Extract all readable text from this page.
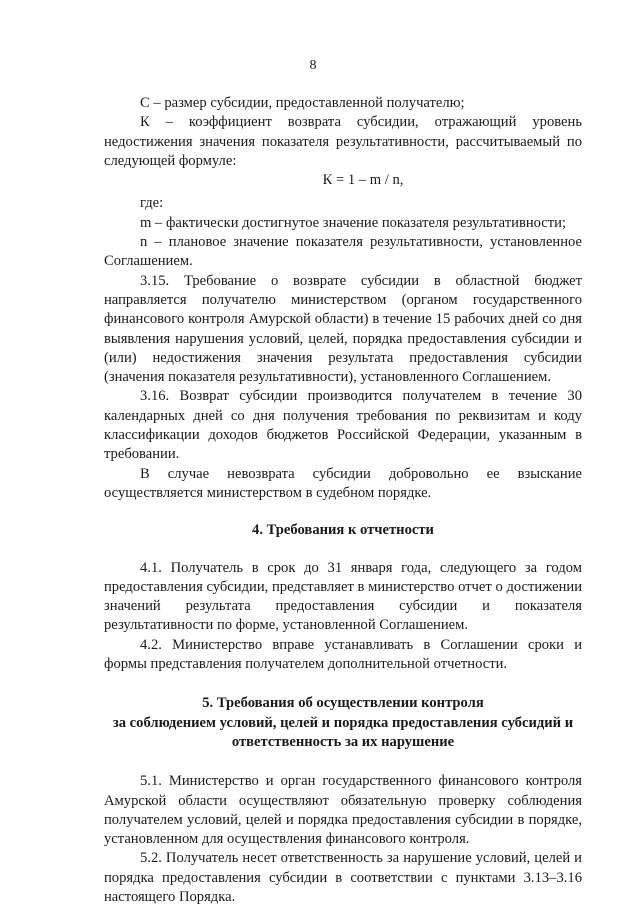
8

С – размер субсидии, предоставленной получателю;

К – коэффициент возврата субсидии, отражающий уровень недостижения значения показателя результативности, рассчитываемый по следующей формуле:

К = 1 – m / n,

где:

m – фактически достигнутое значение показателя результативности;

n – плановое значение показателя результативности, установленное Соглашением.

3.15. Требование о возврате субсидии в областной бюджет направляется получателю министерством (органом государственного финансового контроля Амурской области) в течение 15 рабочих дней со дня выявления нарушения условий, целей, порядка предоставления субсидии и (или) недостижения значения результата предоставления субсидии (значения показателя результативности), установленного Соглашением.

3.16. Возврат субсидии производится получателем в течение 30 календарных дней со дня получения требования по реквизитам и коду классификации доходов бюджетов Российской Федерации, указанным в требовании.

В случае невозврата субсидии добровольно ее взыскание осуществляется министерством в судебном порядке.

4. Требования к отчетности

4.1. Получатель в срок до 31 января года, следующего за годом предоставления субсидии, представляет в министерство отчет о достижении значений результата предоставления субсидии и показателя результативности по форме, установленной Соглашением.

4.2. Министерство вправе устанавливать в Соглашении сроки и формы представления получателем дополнительной отчетности.

5. Требования об осуществлении контроля
за соблюдением условий, целей и порядка предоставления субсидий и
ответственность за их нарушение

5.1. Министерство и орган государственного финансового контроля Амурской области осуществляют обязательную проверку соблюдения получателем условий, целей и порядка предоставления субсидии в порядке, установленном для осуществления финансового контроля.

5.2. Получатель несет ответственность за нарушение условий, целей и порядка предоставления субсидии в соответствии с пунктами 3.13–3.16 настоящего Порядка.
